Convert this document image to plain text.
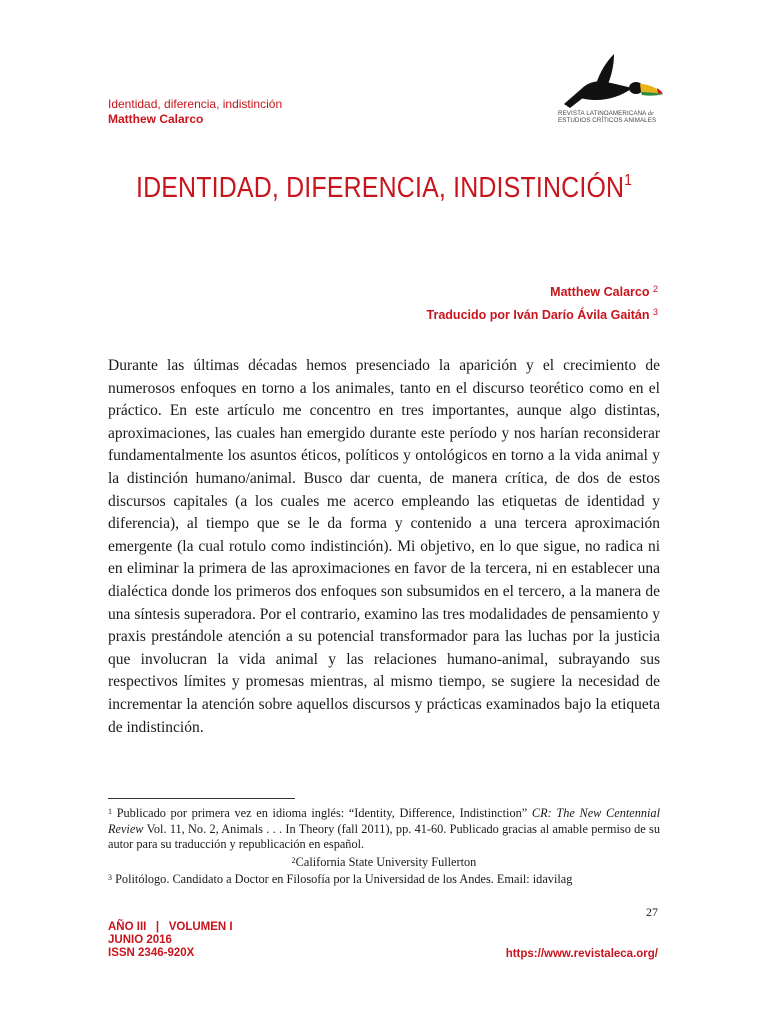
Identidad, diferencia, indistinción
Matthew Calarco	REVISTA LATINOAMERICANA de
ESTUDIOS CRÍTICOS ANIMALES
IDENTIDAD, DIFERENCIA, INDISTINCIÓN$^1$
Matthew Calarco $^2$
Traducido por Iván Darío Ávila Gaitán $^3$
Durante las últimas décadas hemos presenciado la aparición y el crecimiento de numerosos enfoques en torno a los animales, tanto en el discurso teorético como en el práctico. En este artículo me concentro en tres importantes, aunque algo distintas, aproximaciones, las cuales han emergido durante este período y nos harían reconsiderar fundamentalmente los asuntos éticos, políticos y ontológicos en torno a la vida animal y la distinción humano/animal. Busco dar cuenta, de manera crítica, de dos de estos discursos capitales (a los cuales me acerco empleando las etiquetas de identidad y diferencia), al tiempo que se le da forma y contenido a una tercera aproximación emergente (la cual rotulo como indistinción). Mi objetivo, en lo que sigue, no radica ni en eliminar la primera de las aproximaciones en favor de la tercera, ni en establecer una dialéctica donde los primeros dos enfoques son subsumidos en el tercero, a la manera de una síntesis superadora. Por el contrario, examino las tres modalidades de pensamiento y praxis prestándole atención a su potencial transformador para las luchas por la justicia que involucran la vida animal y las relaciones humano-animal, subrayando sus respectivos límites y promesas mientras, al mismo tiempo, se sugiere la necesidad de incrementar la atención sobre aquellos discursos y prácticas examinados bajo la etiqueta de indistinción.

$^1$ Publicado por primera vez en idioma inglés: “Identity, Difference, Indistinction” CR: The New Centennial Review Vol. 11, No. 2, Animals . . . In Theory (fall 2011), pp. 41-60. Publicado gracias al amable permiso de su autor para su traducción y republicación en español.

$^2$California State University Fullerton

$^3$ Politólogo. Candidato a Doctor en Filosofía por la Universidad de los Andes. Email: idavilag

27
AÑO III   |   VOLUMEN I
JUNIO 2016
ISSN 2346-920X	https://www.revistaleca.org/
